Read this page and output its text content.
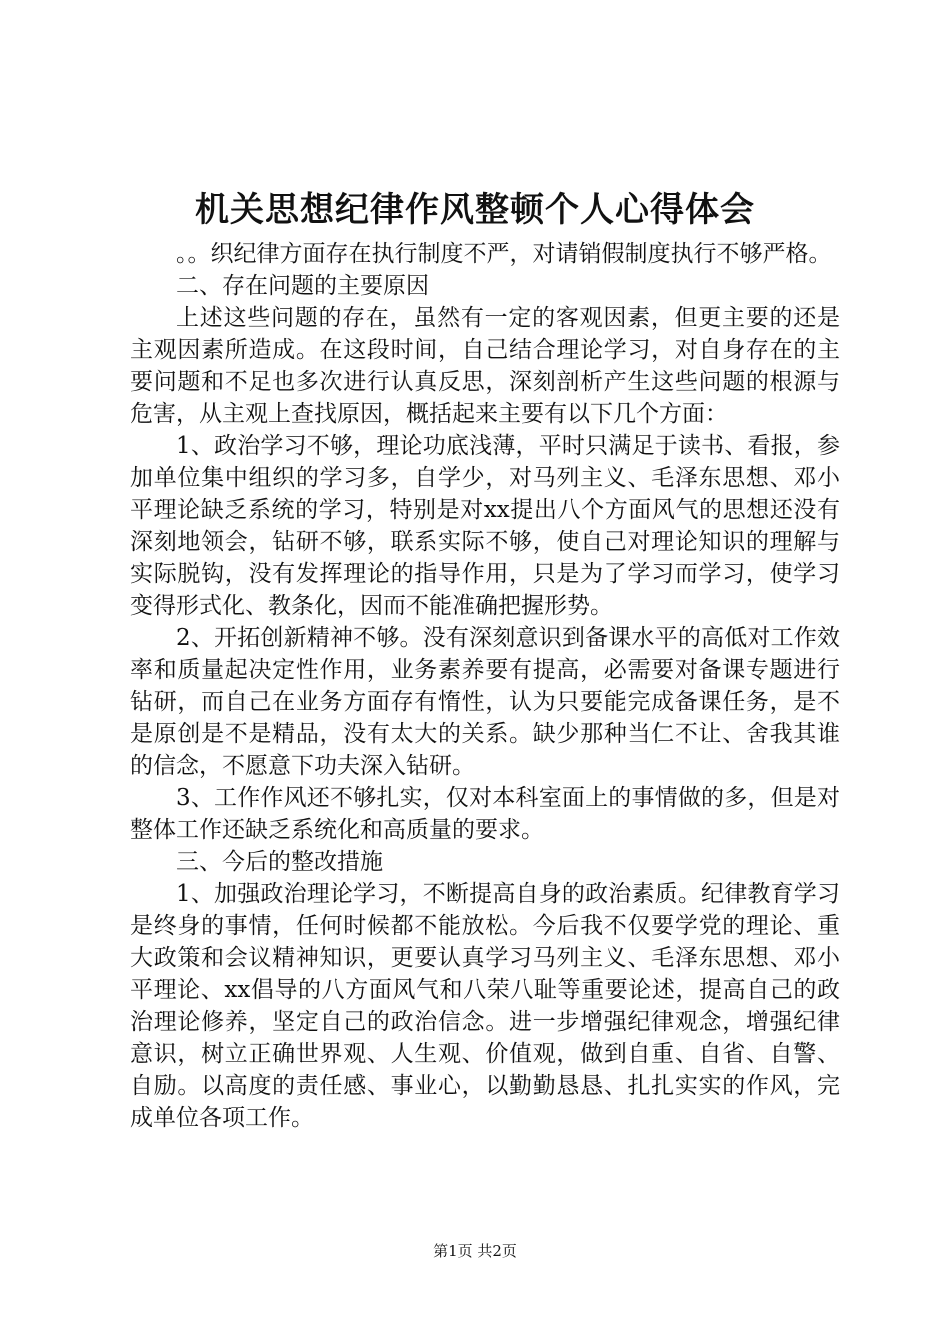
机关思想纪律作风整顿个人心得体会

。。织纪律方面存在执行制度不严，对请销假制度执行不够严格。

二、存在问题的主要原因

上述这些问题的存在，虽然有一定的客观因素，但更主要的还是主观因素所造成。在这段时间，自己结合理论学习，对自身存在的主要问题和不足也多次进行认真反思，深刻剖析产生这些问题的根源与危害，从主观上查找原因，概括起来主要有以下几个方面：

1、政治学习不够，理论功底浅薄，平时只满足于读书、看报，参加单位集中组织的学习多，自学少，对马列主义、毛泽东思想、邓小平理论缺乏系统的学习，特别是对xx提出八个方面风气的思想还没有深刻地领会，钻研不够，联系实际不够，使自己对理论知识的理解与实际脱钩，没有发挥理论的指导作用，只是为了学习而学习，使学习变得形式化、教条化，因而不能准确把握形势。

2、开拓创新精神不够。没有深刻意识到备课水平的高低对工作效率和质量起决定性作用，业务素养要有提高，必需要对备课专题进行钻研，而自己在业务方面存有惰性，认为只要能完成备课任务，是不是原创是不是精品，没有太大的关系。缺少那种当仁不让、舍我其谁的信念，不愿意下功夫深入钻研。

3、工作作风还不够扎实，仅对本科室面上的事情做的多，但是对整体工作还缺乏系统化和高质量的要求。

三、今后的整改措施

1、加强政治理论学习，不断提高自身的政治素质。纪律教育学习是终身的事情，任何时候都不能放松。今后我不仅要学党的理论、重大政策和会议精神知识，更要认真学习马列主义、毛泽东思想、邓小平理论、xx倡导的八方面风气和八荣八耻等重要论述，提高自己的政治理论修养，坚定自己的政治信念。进一步增强纪律观念，增强纪律意识，树立正确世界观、人生观、价值观，做到自重、自省、自警、自励。以高度的责任感、事业心，以勤勤恳恳、扎扎实实的作风，完成单位各项工作。

第1页 共2页
